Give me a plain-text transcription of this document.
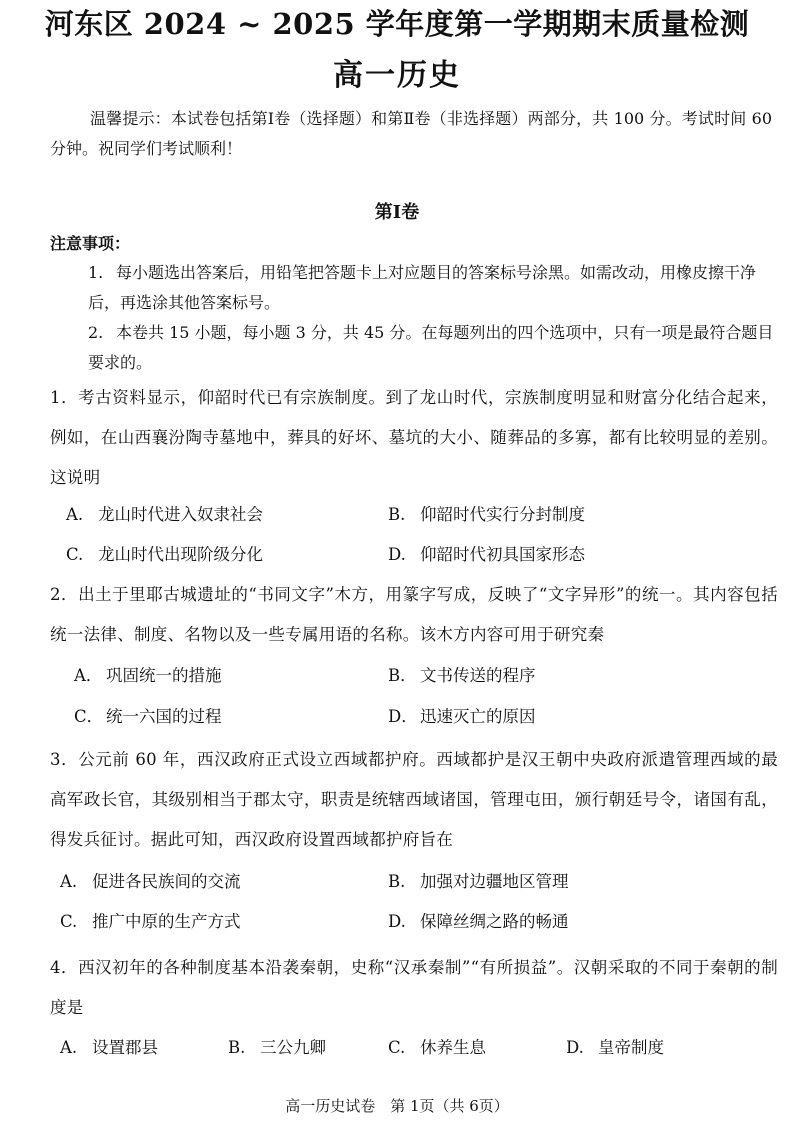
河东区 2024 ~ 2025 学年度第一学期期末质量检测
高一历史
温馨提示：本试卷包括第Ⅰ卷（选择题）和第Ⅱ卷（非选择题）两部分，共 100 分。考试时间 60 分钟。祝同学们考试顺利！
第Ⅰ卷
注意事项：
1. 每小题选出答案后，用铅笔把答题卡上对应题目的答案标号涂黑。如需改动，用橡皮擦干净后，再选涂其他答案标号。
2. 本卷共 15 小题，每小题 3 分，共 45 分。在每题列出的四个选项中，只有一项是最符合题目要求的。
1．考古资料显示，仰韶时代已有宗族制度。到了龙山时代，宗族制度明显和财富分化结合起来，例如，在山西襄汾陶寺墓地中，葬具的好坏、墓坑的大小、随葬品的多寡，都有比较明显的差别。这说明
A. 龙山时代进入奴隶社会	B. 仰韶时代实行分封制度
C. 龙山时代出现阶级分化	D. 仰韶时代初具国家形态
2．出土于里耶古城遗址的“书同文字”木方，用篆字写成，反映了“文字异形”的统一。其内容包括统一法律、制度、名物以及一些专属用语的名称。该木方内容可用于研究秦
A． 巩固统一的措施	B． 文书传送的程序
C． 统一六国的过程	D． 迅速灭亡的原因
3．公元前 60 年，西汉政府正式设立西域都护府。西域都护是汉王朝中央政府派遣管理西域的最高军政长官，其级别相当于郡太守，职责是统辖西域诸国，管理屯田，颁行朝廷号令，诸国有乱，得发兵征讨。据此可知，西汉政府设置西域都护府旨在
A. 促进各民族间的交流	B. 加强对边疆地区管理
C. 推广中原的生产方式	D. 保障丝绸之路的畅通
4．西汉初年的各种制度基本沿袭秦朝，史称“汉承秦制”“有所损益”。汉朝采取的不同于秦朝的制度是
A. 设置郡县	B. 三公九卿	C. 休养生息	D. 皇帝制度
高一历史试卷　第 1页（共 6页）
